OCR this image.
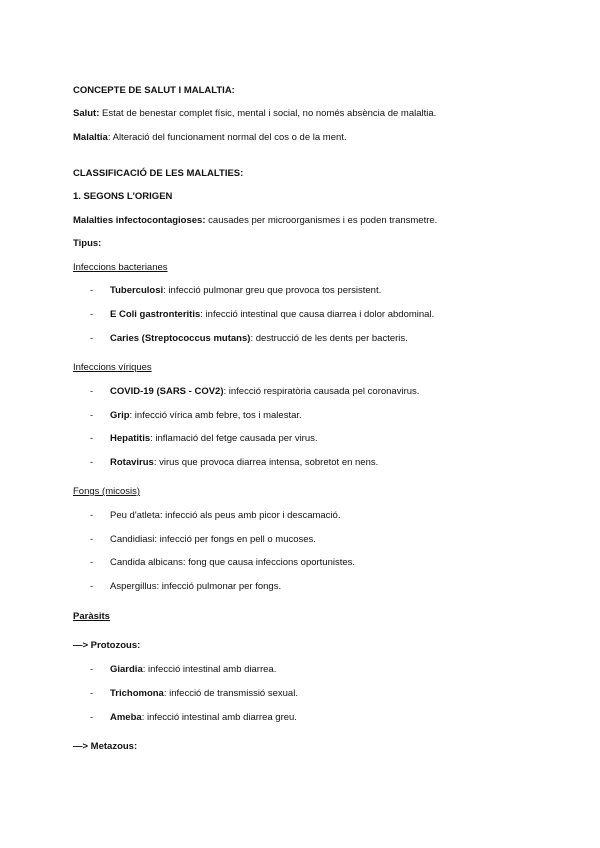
CONCEPTE DE SALUT I MALALTIA:
Salut: Estat de benestar complet físic, mental i social, no només absència de malaltia.
Malaltia: Alteració del funcionament normal del cos o de la ment.
CLASSIFICACIÓ DE LES MALALTIES:
1. SEGONS L'ORIGEN
Malalties infectocontagioses: causades per microorganismes i es poden transmetre.
Tipus:
Infeccions bacterianes
- Tuberculosi: infecció pulmonar greu que provoca tos persistent.
- E Coli gastronteritis: infecció intestinal que causa diarrea i dolor abdominal.
- Caries (Streptococcus mutans): destrucció de les dents per bacteris.
Infeccions víriques
- COVID-19 (SARS - COV2): infecció respiratòria causada pel coronavirus.
- Grip: infecció vírica amb febre, tos i malestar.
- Hepatitis: inflamació del fetge causada per virus.
- Rotavirus: virus que provoca diarrea intensa, sobretot en nens.
Fongs (micosis)
- Peu d'atleta: infecció als peus amb picor i descamació.
- Candidiasi: infecció per fongs en pell o mucoses.
- Candida albicans: fong que causa infeccions oportunistes.
- Aspergillus: infecció pulmonar per fongs.
Paràsits
—> Protozous:
- Giardia: infecció intestinal amb diarrea.
- Trichomona: infecció de transmissió sexual.
- Ameba: infecció intestinal amb diarrea greu.
—> Metazous:
